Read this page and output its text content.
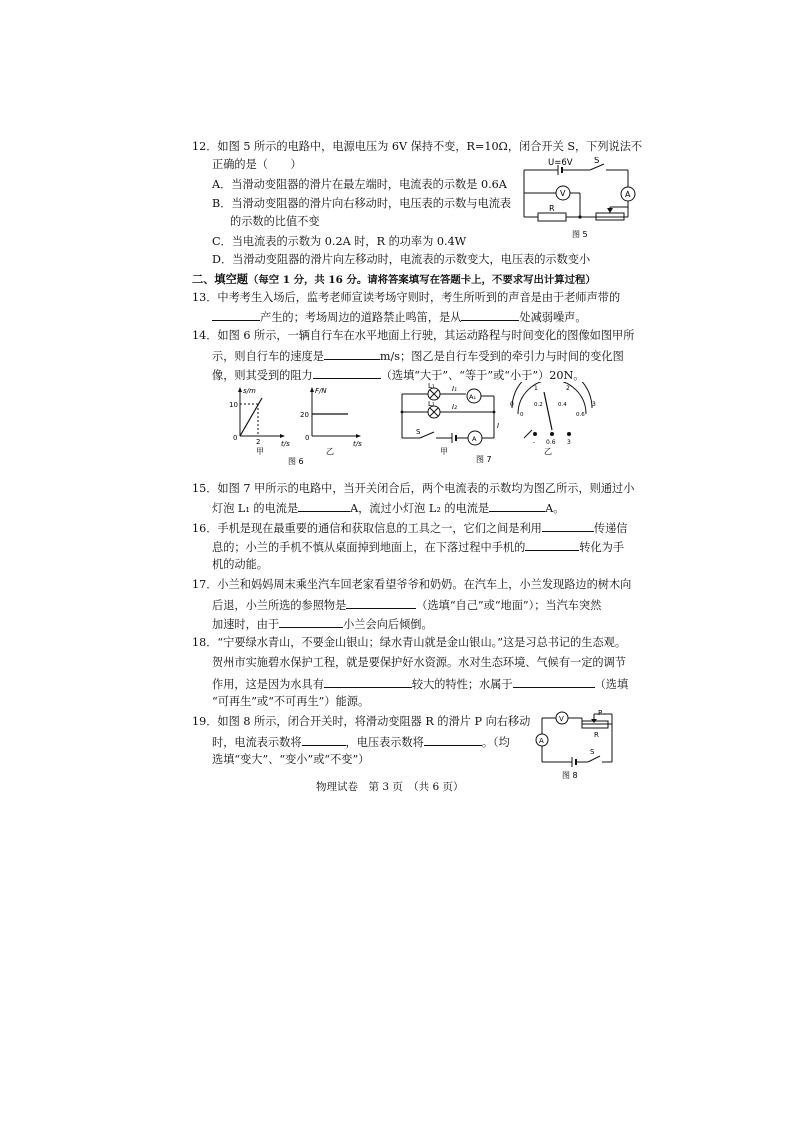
12．如图 5 所示的电路中，电源电压为 6V 保持不变，R=10Ω，闭合开关 S，下列说法不
正确的是（　　）
A．当滑动变阻器的滑片在最左端时，电流表的示数是 0.6A
B．当滑动变阻器的滑片向右移动时，电压表的示数与电流表
的示数的比值不变
C．当电流表的示数为 0.2A 时，R 的功率为 0.4W
D．当滑动变阻器的滑片向左移动时，电流表的示数变大，电压表的示数变小
U=6V	S
A
V
R
图 5
二、填空题（每空 1 分，共 16 分。请将答案填写在答题卡上，不要求写出计算过程）
13．中考考生入场后，监考老师宣读考场守则时，考生所听到的声音是由于老师声带的
产生的；考场周边的道路禁止鸣笛，是从	处减弱噪声。
14．如图 6 所示，一辆自行车在水平地面上行驶，其运动路程与时间变化的图像如图甲所
示，则自行车的速度是	m/s；图乙是自行车受到的牵引力与时间的变化图
像，则其受到的阻力	（选填“大于”、“等于”或“小于”）20N。
s/m
t/s
10
2
0
甲
F/N
t/s
20
0
乙
图 6
L₁
L₂
I₁
I₂
I
S
A₁
A
甲	乙
图 7
0
1	2
3
0
0.2	0.4
0.6
- 0.6 3
15．如图 7 甲所示的电路中，当开关闭合后，两个电流表的示数均为图乙所示，则通过小
灯泡 L₁ 的电流是	A，流过小灯泡 L₂ 的电流是	A。
16．手机是现在最重要的通信和获取信息的工具之一，它们之间是利用	传递信
息的；小兰的手机不慎从桌面掉到地面上，在下落过程中手机的	转化为手
机的动能。
17．小兰和妈妈周末乘坐汽车回老家看望爷爷和奶奶。在汽车上，小兰发现路边的树木向
后退，小兰所选的参照物是	（选填“自己”或“地面”）；当汽车突然
加速时，由于	小兰会向后倾倒。
18．“宁要绿水青山，不要金山银山；绿水青山就是金山银山。”这是习总书记的生态观。
贺州市实施碧水保护工程，就是要保护好水资源。水对生态环境、气候有一定的调节
作用，这是因为水具有	较大的特性；水属于	（选填
“可再生”或“不可再生”）能源。
19．如图 8 所示，闭合开关时，将滑动变阻器 R 的滑片 P 向右移动
时，电流表示数将	，电压表示数将	。（均
选填“变大”、“变小”或“不变”）
V
P
R
A
S
图 8
物理试卷　第 3 页　（共 6 页）
